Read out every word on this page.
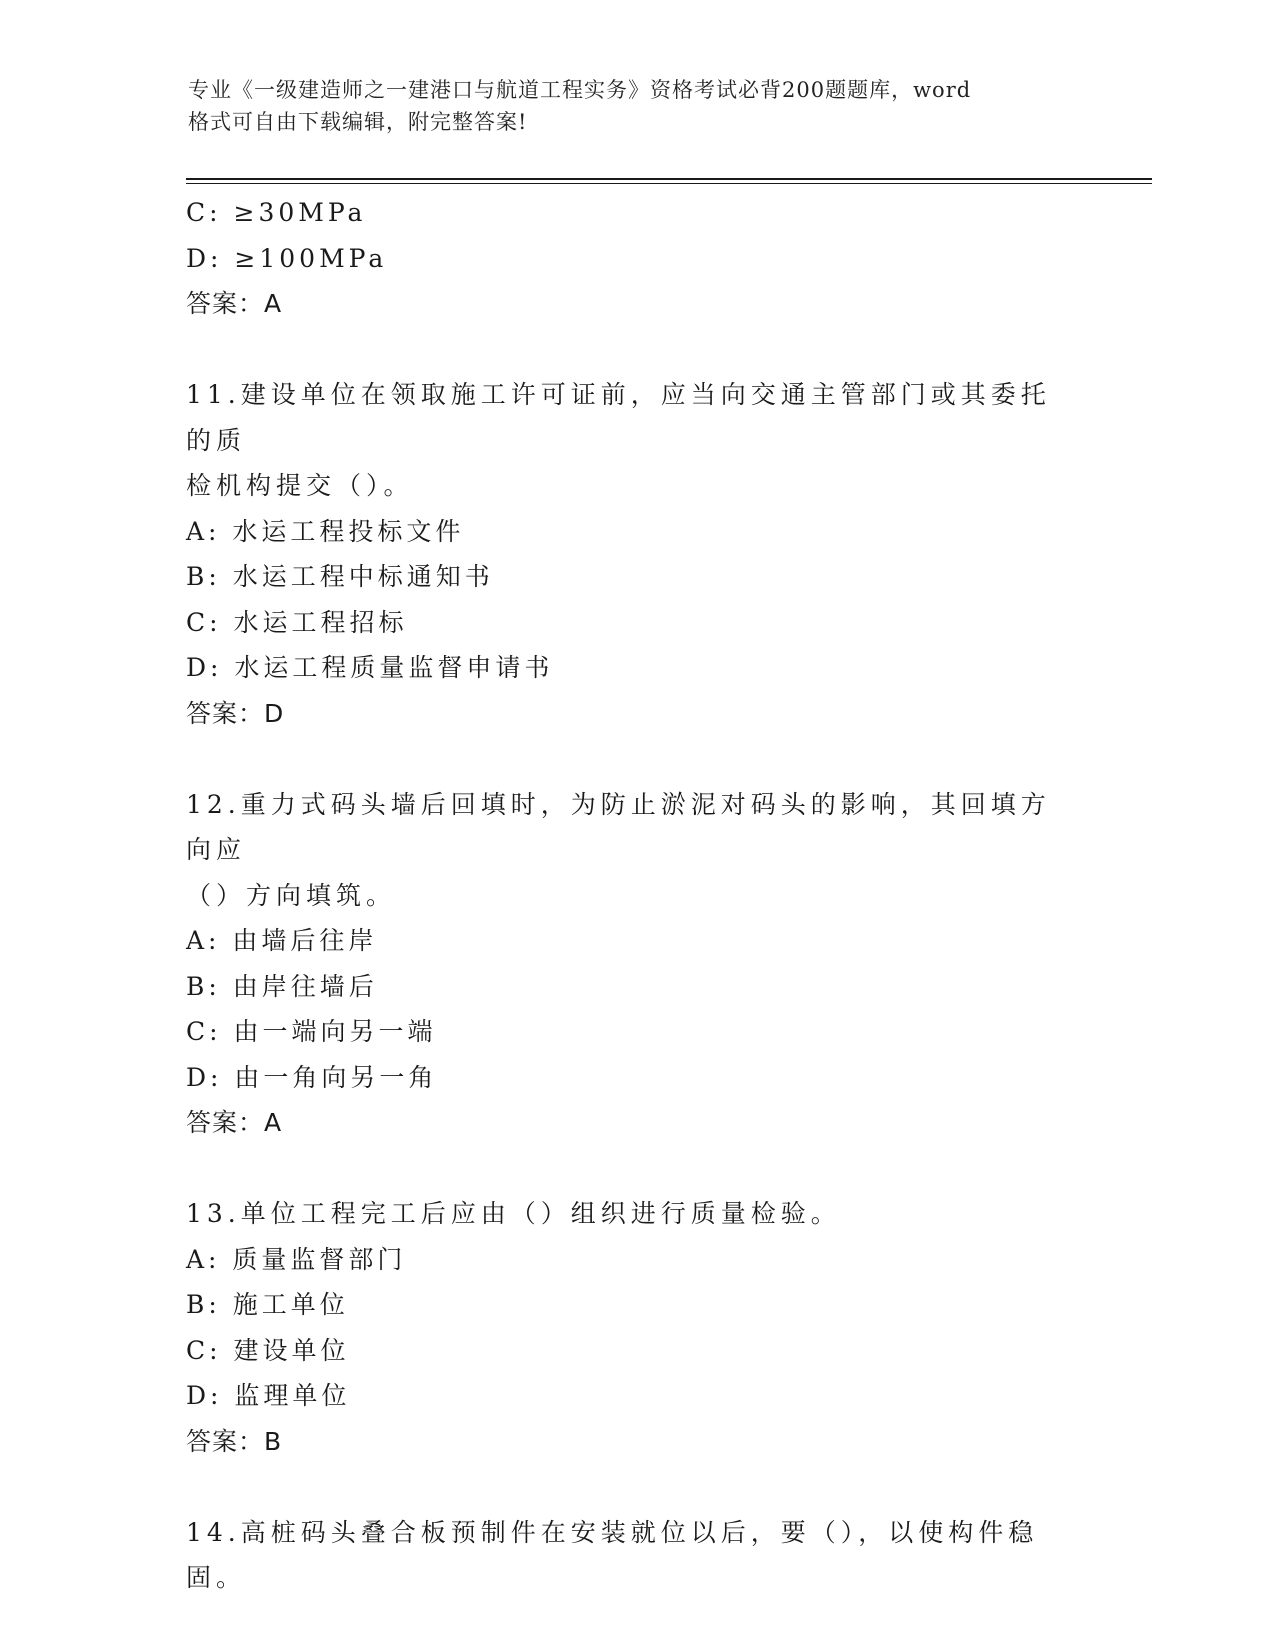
专业《一级建造师之一建港口与航道工程实务》资格考试必背200题题库，word
格式可自由下载编辑，附完整答案!
C: ≥30MPa
D: ≥100MPa
答案：A
11.建设单位在领取施工许可证前，应当向交通主管部门或其委托的质
检机构提交（）。
A: 水运工程投标文件
B: 水运工程中标通知书
C: 水运工程招标
D: 水运工程质量监督申请书
答案：D
12.重力式码头墙后回填时，为防止淤泥对码头的影响，其回填方向应
（）方向填筑。
A: 由墙后往岸
B: 由岸往墙后
C: 由一端向另一端
D: 由一角向另一角
答案：A
13.单位工程完工后应由（）组织进行质量检验。
A: 质量监督部门
B: 施工单位
C: 建设单位
D: 监理单位
答案：B
14.高桩码头叠合板预制件在安装就位以后，要（），以使构件稳固。
